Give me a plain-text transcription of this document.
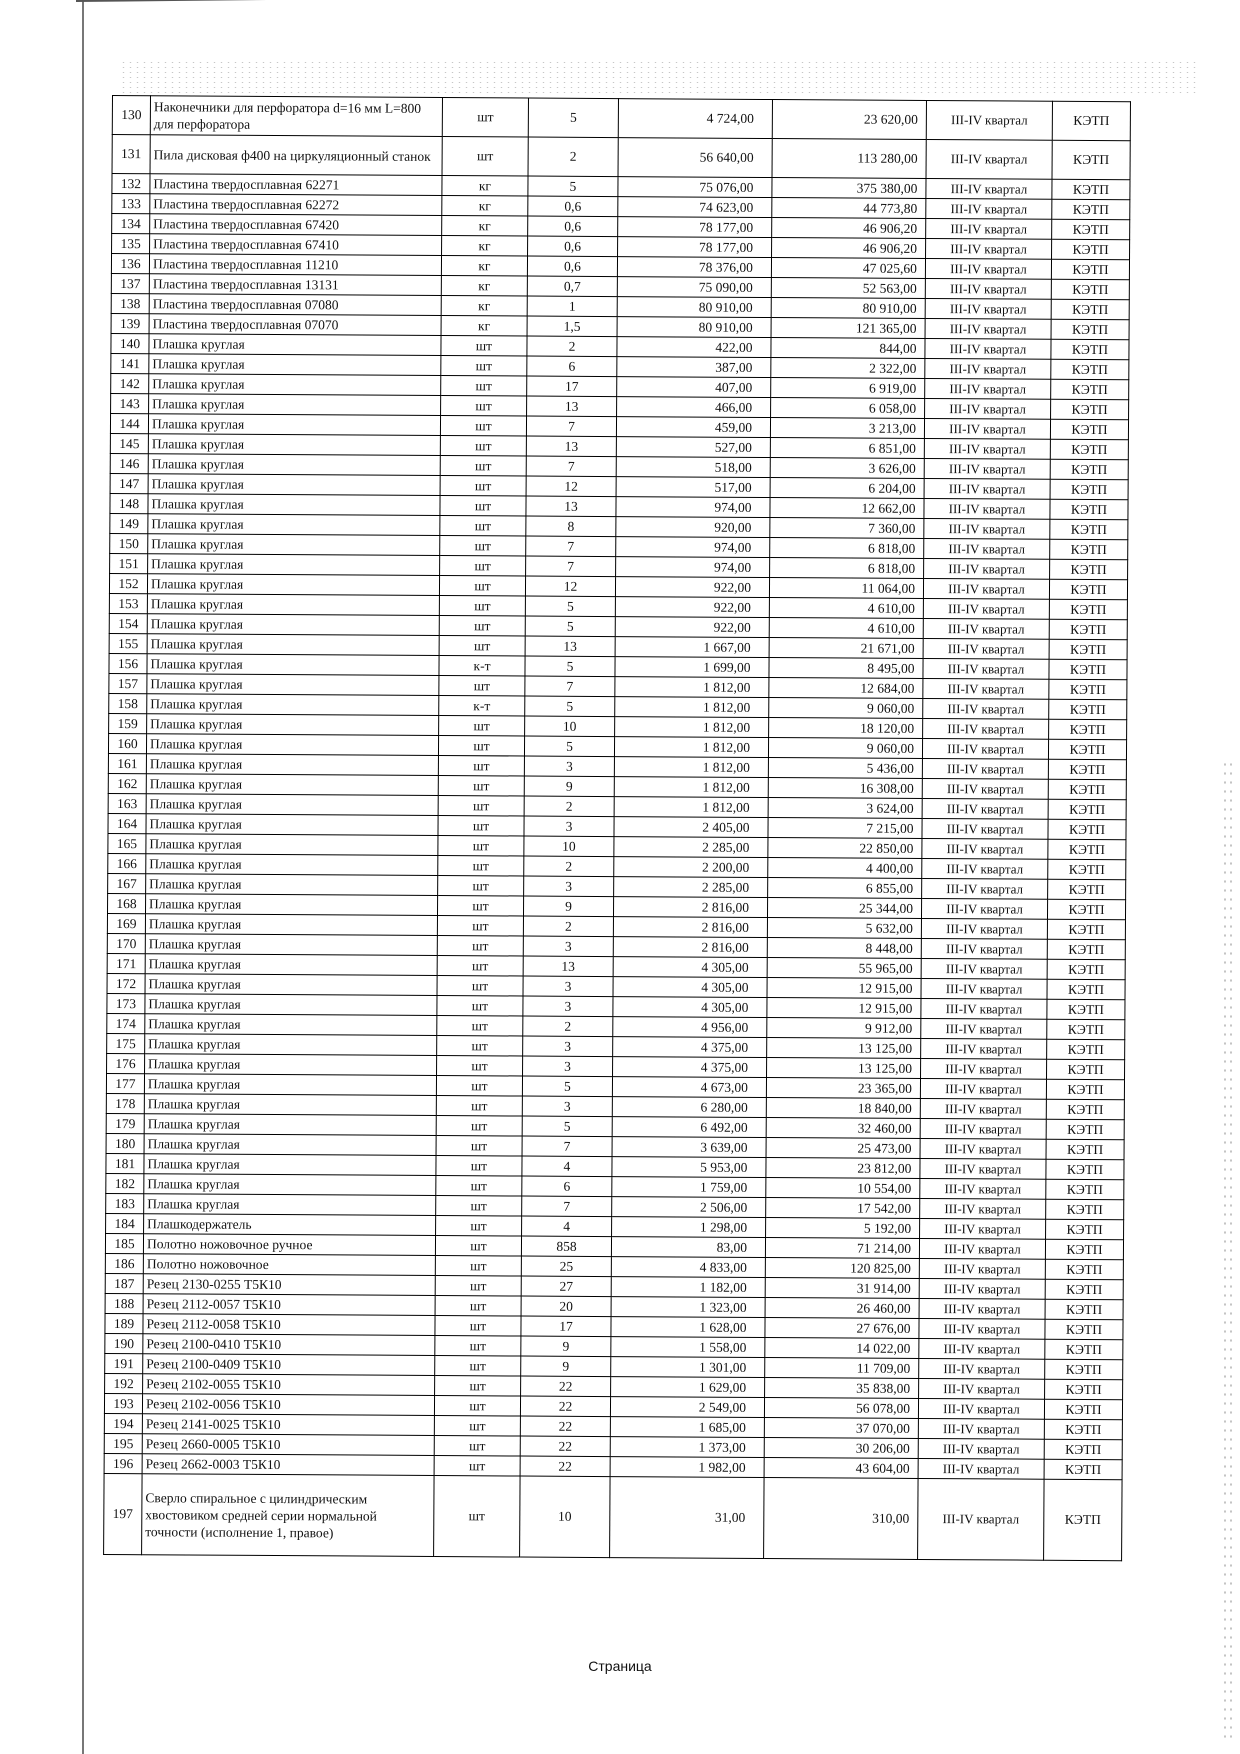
130	Наконечники для перфоратора d=16 мм L=800 для перфоратора	шт	5	4 724,00	23 620,00	III-IV квартал	КЭТП
131	Пила дисковая ф400 на циркуляционный станок	шт	2	56 640,00	113 280,00	III-IV квартал	КЭТП
132	Пластина твердосплавная 62271	кг	5	75 076,00	375 380,00	III-IV квартал	КЭТП
133	Пластина твердосплавная 62272	кг	0,6	74 623,00	44 773,80	III-IV квартал	КЭТП
134	Пластина твердосплавная 67420	кг	0,6	78 177,00	46 906,20	III-IV квартал	КЭТП
135	Пластина твердосплавная 67410	кг	0,6	78 177,00	46 906,20	III-IV квартал	КЭТП
136	Пластина твердосплавная 11210	кг	0,6	78 376,00	47 025,60	III-IV квартал	КЭТП
137	Пластина твердосплавная 13131	кг	0,7	75 090,00	52 563,00	III-IV квартал	КЭТП
138	Пластина твердосплавная 07080	кг	1	80 910,00	80 910,00	III-IV квартал	КЭТП
139	Пластина твердосплавная 07070	кг	1,5	80 910,00	121 365,00	III-IV квартал	КЭТП
140	Плашка круглая	шт	2	422,00	844,00	III-IV квартал	КЭТП
141	Плашка круглая	шт	6	387,00	2 322,00	III-IV квартал	КЭТП
142	Плашка круглая	шт	17	407,00	6 919,00	III-IV квартал	КЭТП
143	Плашка круглая	шт	13	466,00	6 058,00	III-IV квартал	КЭТП
144	Плашка круглая	шт	7	459,00	3 213,00	III-IV квартал	КЭТП
145	Плашка круглая	шт	13	527,00	6 851,00	III-IV квартал	КЭТП
146	Плашка круглая	шт	7	518,00	3 626,00	III-IV квартал	КЭТП
147	Плашка круглая	шт	12	517,00	6 204,00	III-IV квартал	КЭТП
148	Плашка круглая	шт	13	974,00	12 662,00	III-IV квартал	КЭТП
149	Плашка круглая	шт	8	920,00	7 360,00	III-IV квартал	КЭТП
150	Плашка круглая	шт	7	974,00	6 818,00	III-IV квартал	КЭТП
151	Плашка круглая	шт	7	974,00	6 818,00	III-IV квартал	КЭТП
152	Плашка круглая	шт	12	922,00	11 064,00	III-IV квартал	КЭТП
153	Плашка круглая	шт	5	922,00	4 610,00	III-IV квартал	КЭТП
154	Плашка круглая	шт	5	922,00	4 610,00	III-IV квартал	КЭТП
155	Плашка круглая	шт	13	1 667,00	21 671,00	III-IV квартал	КЭТП
156	Плашка круглая	к-т	5	1 699,00	8 495,00	III-IV квартал	КЭТП
157	Плашка круглая	шт	7	1 812,00	12 684,00	III-IV квартал	КЭТП
158	Плашка круглая	к-т	5	1 812,00	9 060,00	III-IV квартал	КЭТП
159	Плашка круглая	шт	10	1 812,00	18 120,00	III-IV квартал	КЭТП
160	Плашка круглая	шт	5	1 812,00	9 060,00	III-IV квартал	КЭТП
161	Плашка круглая	шт	3	1 812,00	5 436,00	III-IV квартал	КЭТП
162	Плашка круглая	шт	9	1 812,00	16 308,00	III-IV квартал	КЭТП
163	Плашка круглая	шт	2	1 812,00	3 624,00	III-IV квартал	КЭТП
164	Плашка круглая	шт	3	2 405,00	7 215,00	III-IV квартал	КЭТП
165	Плашка круглая	шт	10	2 285,00	22 850,00	III-IV квартал	КЭТП
166	Плашка круглая	шт	2	2 200,00	4 400,00	III-IV квартал	КЭТП
167	Плашка круглая	шт	3	2 285,00	6 855,00	III-IV квартал	КЭТП
168	Плашка круглая	шт	9	2 816,00	25 344,00	III-IV квартал	КЭТП
169	Плашка круглая	шт	2	2 816,00	5 632,00	III-IV квартал	КЭТП
170	Плашка круглая	шт	3	2 816,00	8 448,00	III-IV квартал	КЭТП
171	Плашка круглая	шт	13	4 305,00	55 965,00	III-IV квартал	КЭТП
172	Плашка круглая	шт	3	4 305,00	12 915,00	III-IV квартал	КЭТП
173	Плашка круглая	шт	3	4 305,00	12 915,00	III-IV квартал	КЭТП
174	Плашка круглая	шт	2	4 956,00	9 912,00	III-IV квартал	КЭТП
175	Плашка круглая	шт	3	4 375,00	13 125,00	III-IV квартал	КЭТП
176	Плашка круглая	шт	3	4 375,00	13 125,00	III-IV квартал	КЭТП
177	Плашка круглая	шт	5	4 673,00	23 365,00	III-IV квартал	КЭТП
178	Плашка круглая	шт	3	6 280,00	18 840,00	III-IV квартал	КЭТП
179	Плашка круглая	шт	5	6 492,00	32 460,00	III-IV квартал	КЭТП
180	Плашка круглая	шт	7	3 639,00	25 473,00	III-IV квартал	КЭТП
181	Плашка круглая	шт	4	5 953,00	23 812,00	III-IV квартал	КЭТП
182	Плашка круглая	шт	6	1 759,00	10 554,00	III-IV квартал	КЭТП
183	Плашка круглая	шт	7	2 506,00	17 542,00	III-IV квартал	КЭТП
184	Плашкодержатель	шт	4	1 298,00	5 192,00	III-IV квартал	КЭТП
185	Полотно ножовочное ручное	шт	858	83,00	71 214,00	III-IV квартал	КЭТП
186	Полотно ножовочное	шт	25	4 833,00	120 825,00	III-IV квартал	КЭТП
187	Резец 2130-0255 Т5К10	шт	27	1 182,00	31 914,00	III-IV квартал	КЭТП
188	Резец 2112-0057 Т5К10	шт	20	1 323,00	26 460,00	III-IV квартал	КЭТП
189	Резец 2112-0058 Т5К10	шт	17	1 628,00	27 676,00	III-IV квартал	КЭТП
190	Резец 2100-0410 Т5К10	шт	9	1 558,00	14 022,00	III-IV квартал	КЭТП
191	Резец 2100-0409 Т5К10	шт	9	1 301,00	11 709,00	III-IV квартал	КЭТП
192	Резец 2102-0055 Т5К10	шт	22	1 629,00	35 838,00	III-IV квартал	КЭТП
193	Резец 2102-0056 Т5К10	шт	22	2 549,00	56 078,00	III-IV квартал	КЭТП
194	Резец 2141-0025 Т5К10	шт	22	1 685,00	37 070,00	III-IV квартал	КЭТП
195	Резец 2660-0005 Т5К10	шт	22	1 373,00	30 206,00	III-IV квартал	КЭТП
196	Резец 2662-0003 Т5К10	шт	22	1 982,00	43 604,00	III-IV квартал	КЭТП
197	Сверло спиральное с цилиндрическим хвостовиком средней серии нормальной точности (исполнение 1, правое)	шт	10	31,00	310,00	III-IV квартал	КЭТП
Страница
